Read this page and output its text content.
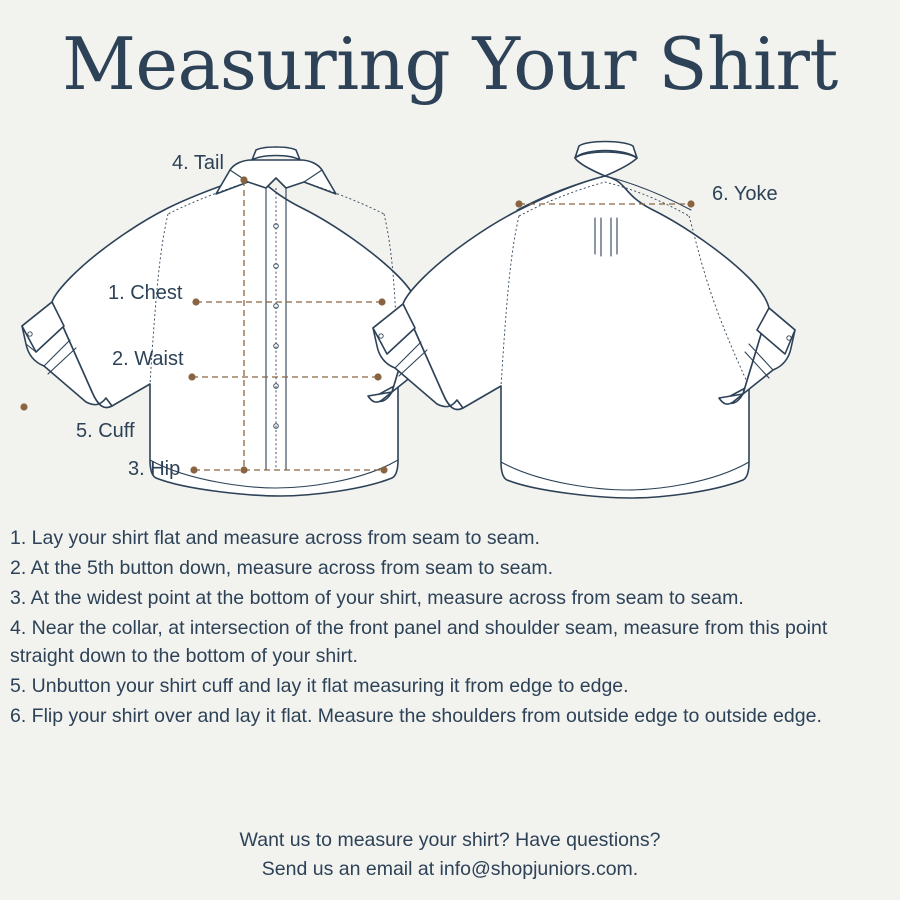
Measuring Your Shirt
4. Tail
1. Chest
2. Waist
5. Cuff
3. Hip
6. Yoke

1. Lay your shirt flat and measure across from seam to seam.

2. At the 5th button down, measure across from seam to seam.

3. At the widest point at the bottom of your shirt, measure across from seam to seam.

4. Near the collar, at intersection of the front panel and shoulder seam, measure from this point straight down to the bottom of your shirt.

5. Unbutton your shirt cuff and lay it flat measuring it from edge to edge.

6. Flip your shirt over and lay it flat. Measure the shoulders from outside edge to outside edge.

Want us to measure your shirt? Have questions?
Send us an email at info@shopjuniors.com.
